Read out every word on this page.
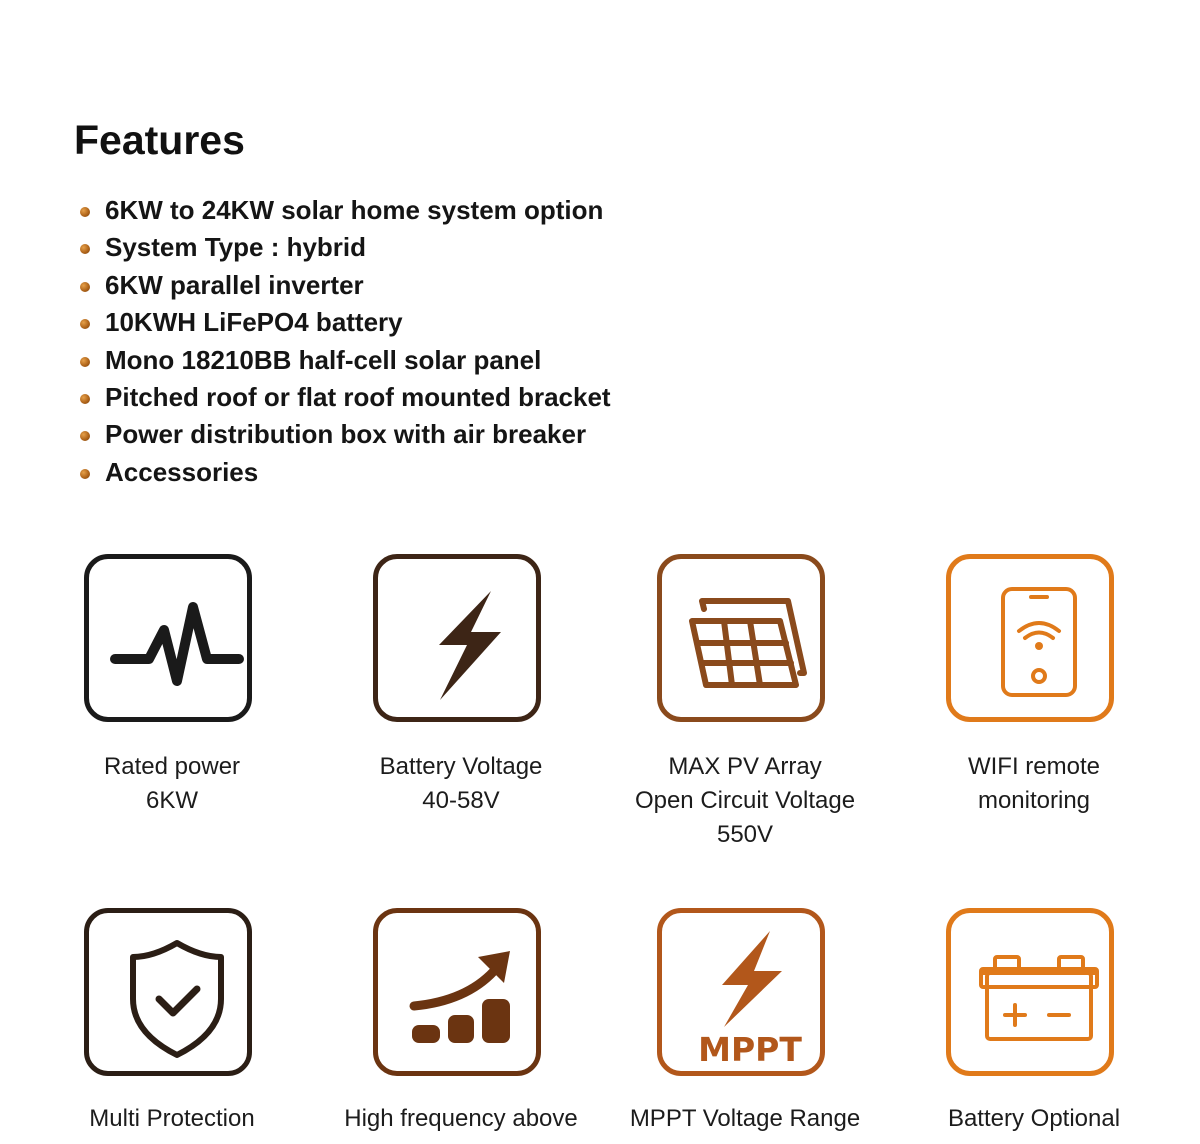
Features
6KW to 24KW solar home system option
System Type : hybrid
6KW parallel inverter
10KWH LiFePO4 battery
Mono 18210BB half-cell solar panel
Pitched roof or flat roof mounted bracket
Power distribution box with air breaker
Accessories
Rated power
6KW
Battery Voltage
40-58V
MAX PV Array
Open Circuit Voltage
550V
WIFI remote
monitoring
Multi Protection	High frequency above
MPPT
MPPT Voltage Range	Battery Optional
